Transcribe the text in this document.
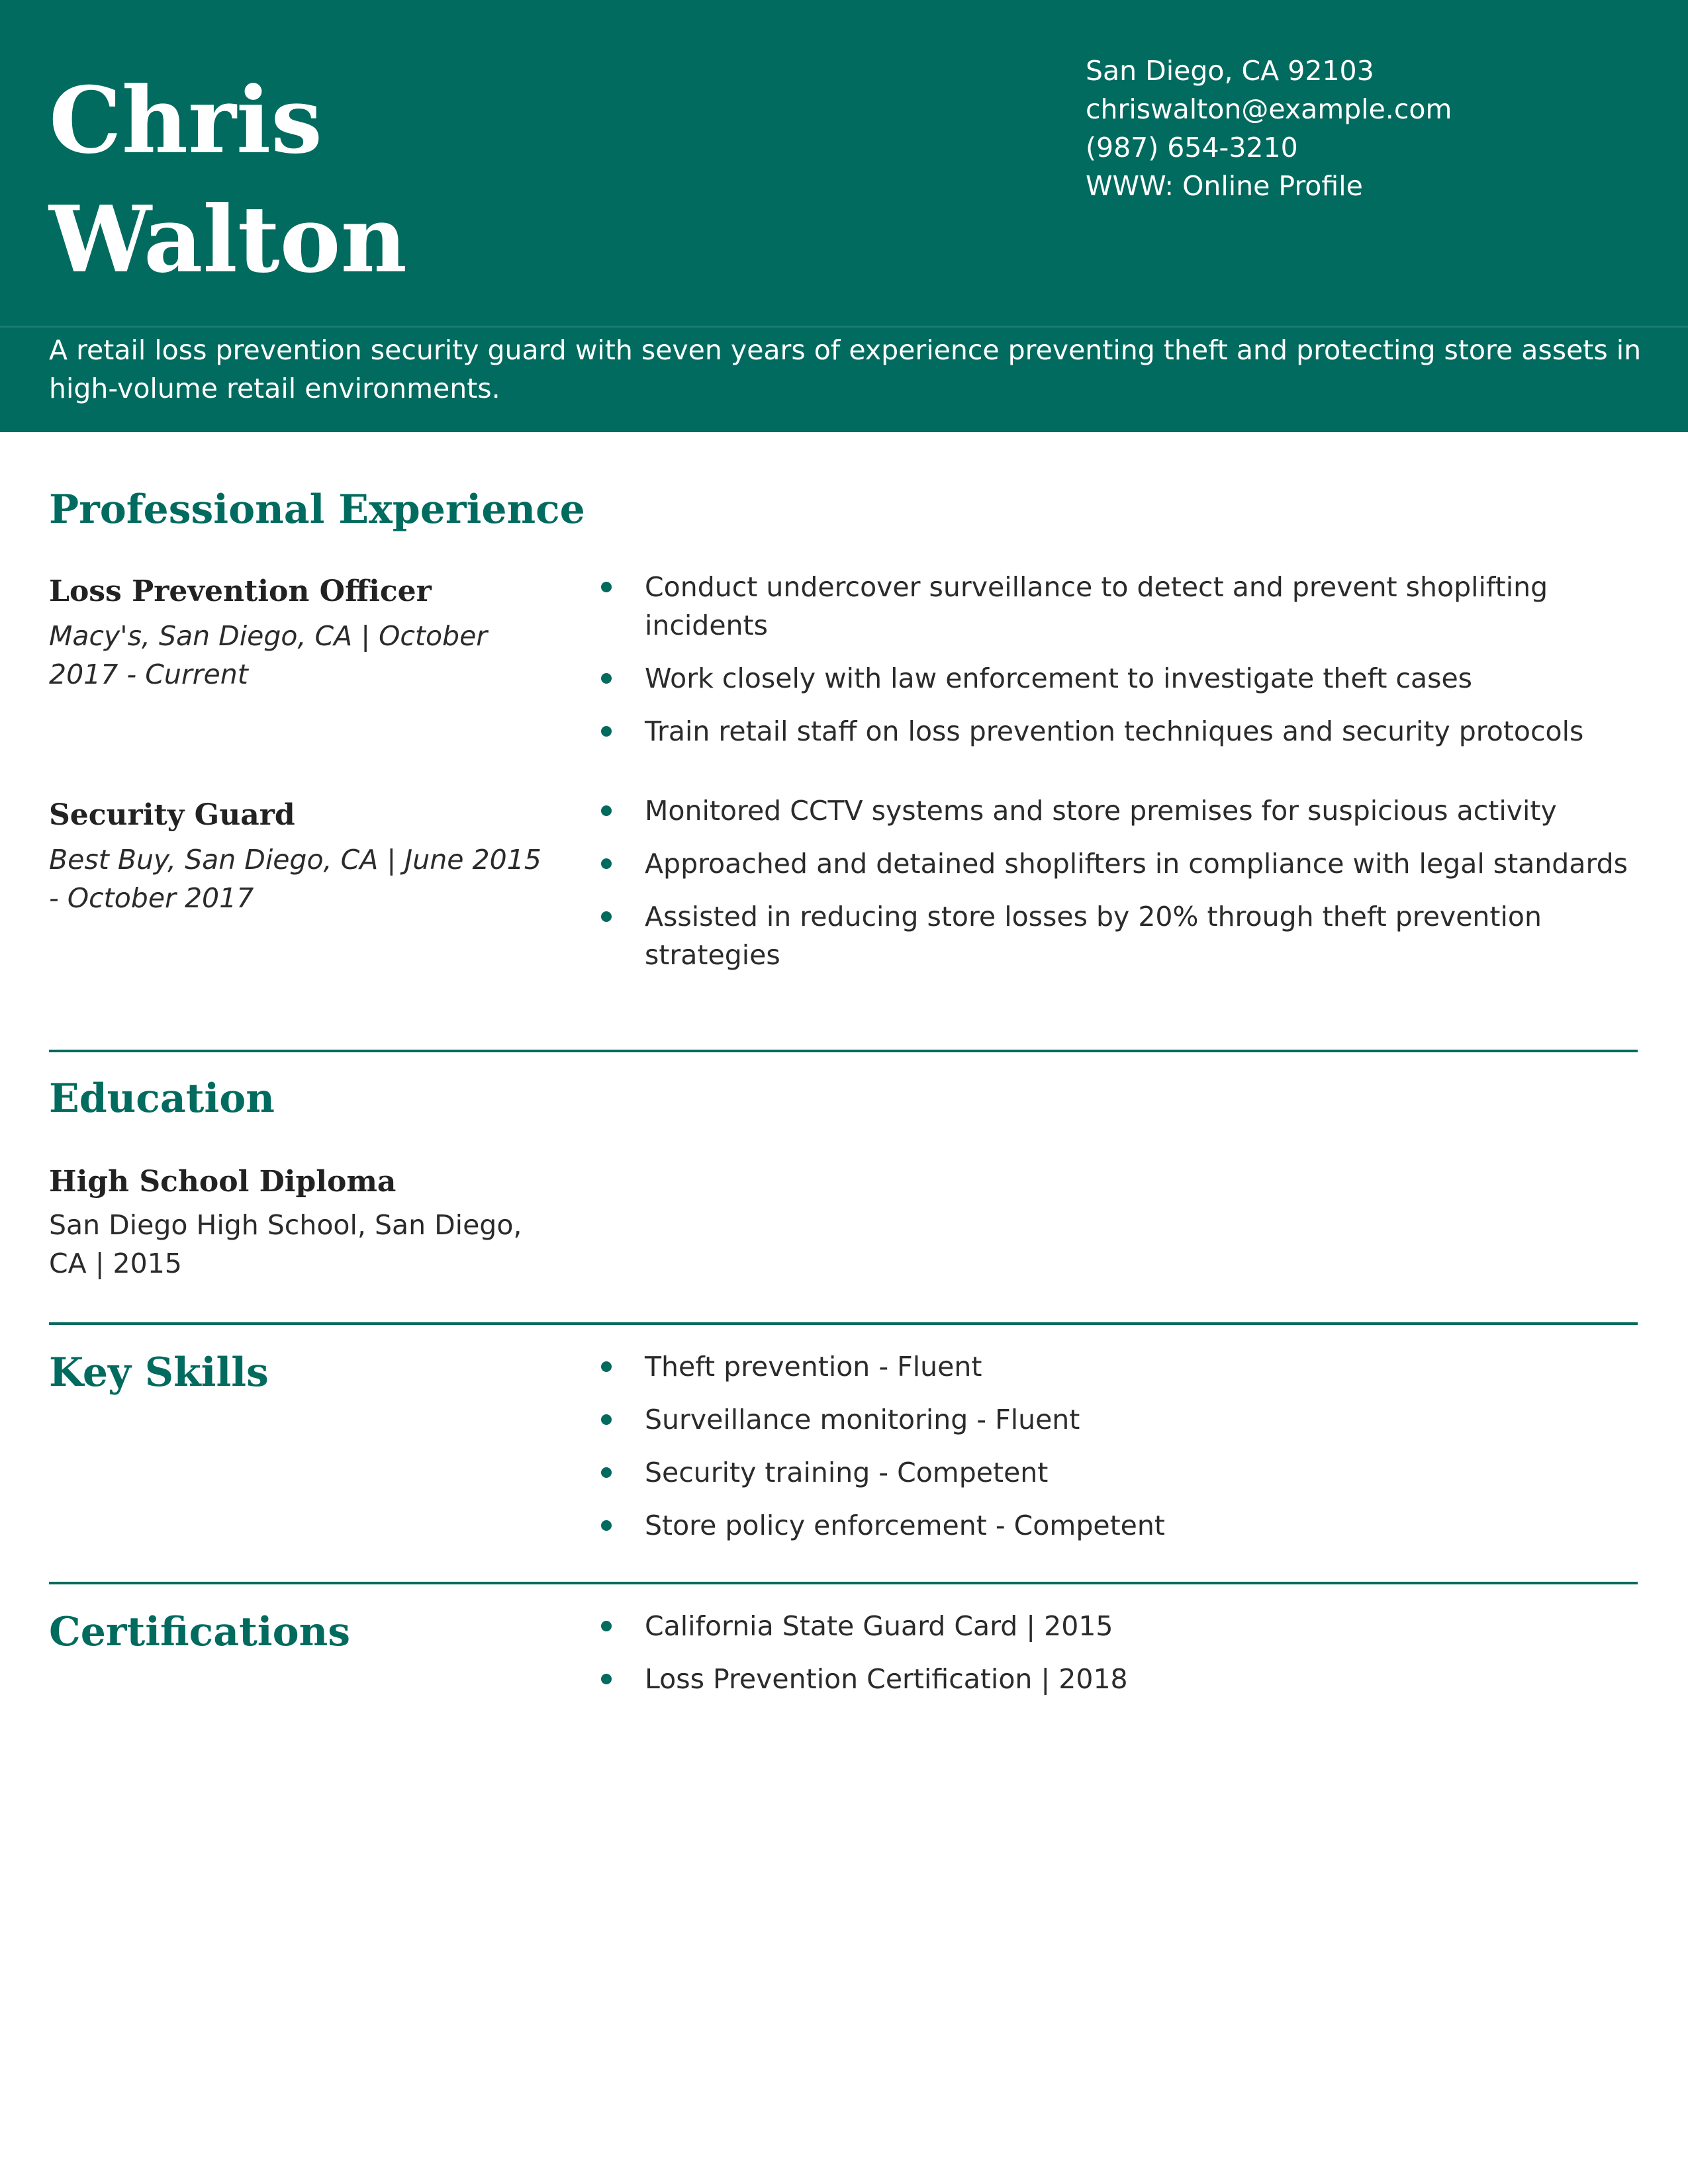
Chris
Walton
San Diego, CA 92103
chriswalton@example.com
(987) 654-3210
WWW: Online Profile

A retail loss prevention security guard with seven years of experience preventing theft and protecting store assets in high-volume retail environments.

Professional Experience
Loss Prevention Officer

Macy's, San Diego, CA | October 2017 - Current

Conduct undercover surveillance to detect and prevent shoplifting incidents
Work closely with law enforcement to investigate theft cases
Train retail staff on loss prevention techniques and security protocols
Security Guard

Best Buy, San Diego, CA | June 2015 - October 2017

Monitored CCTV systems and store premises for suspicious activity
Approached and detained shoplifters in compliance with legal standards
Assisted in reducing store losses by 20% through theft prevention strategies
Education
High School Diploma

San Diego High School, San Diego, CA | 2015

Key Skills	Theft prevention - Fluent
Surveillance monitoring - Fluent
Security training - Competent
Store policy enforcement - Competent
Certifications	California State Guard Card | 2015
Loss Prevention Certification | 2018
